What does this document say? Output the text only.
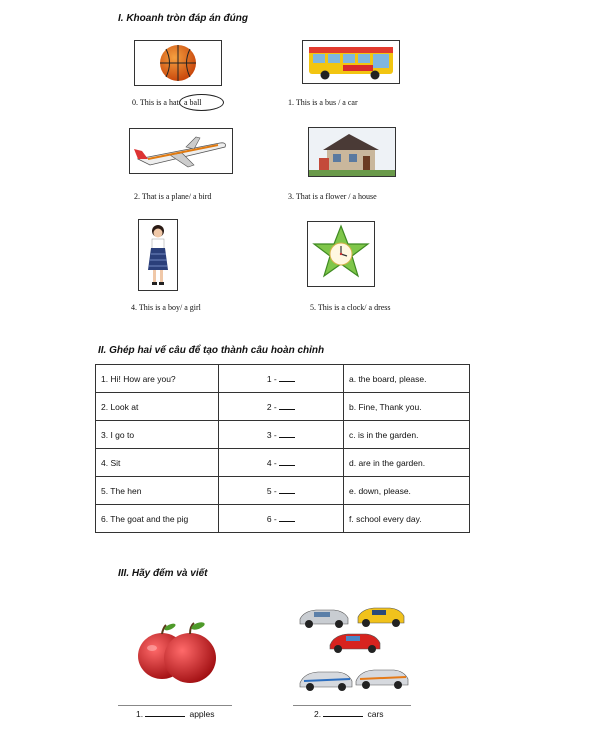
I. Khoanh tròn đáp án đúng
0. This is a hat/ a ball	1. This is a bus / a car
2. That is a plane/ a bird	3. That is a flower / a house
4. This is a boy/ a girl	5. This is a clock/ a dress
II. Ghép hai vế câu để tạo thành câu hoàn chỉnh
1. Hi! How are you?	1 -	a. the board, please.
2. Look at	2 -	b. Fine, Thank you.
3. I go to	3 -	c. is in the garden.
4. Sit	4 -	d. are in the garden.
5. The hen	5 -	e. down, please.
6. The goat and the pig	6 -	f. school every day.
III. Hãy đếm và viết
1.	apples	2.	cars
